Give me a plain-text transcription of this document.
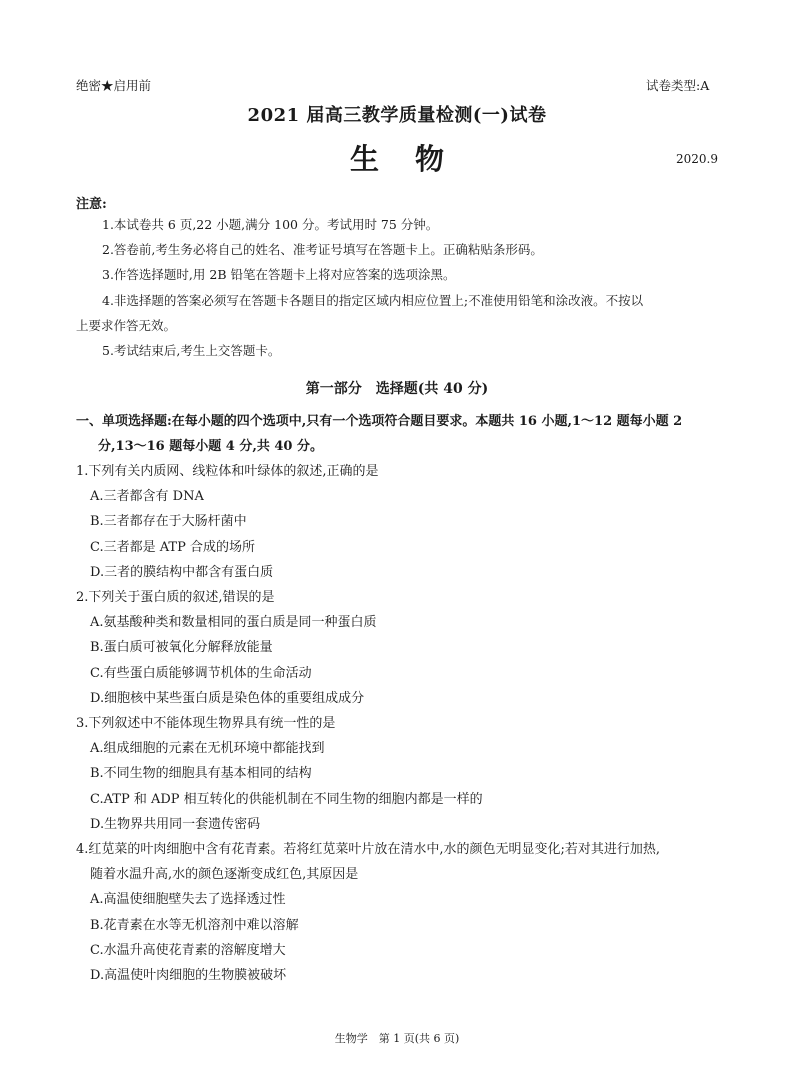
绝密★启用前	试卷类型:A
2021 届高三教学质量检测(一)试卷
生物	2020.9
注意:
1.本试卷共 6 页,22 小题,满分 100 分。考试用时 75 分钟。
2.答卷前,考生务必将自己的姓名、准考证号填写在答题卡上。正确粘贴条形码。
3.作答选择题时,用 2B 铅笔在答题卡上将对应答案的选项涂黑。
4.非选择题的答案必须写在答题卡各题目的指定区域内相应位置上;不准使用铅笔和涂改液。不按以
上要求作答无效。
5.考试结束后,考生上交答题卡。
第一部分　选择题(共 40 分)
一、单项选择题:在每小题的四个选项中,只有一个选项符合题目要求。本题共 16 小题,1～12 题每小题 2
分,13～16 题每小题 4 分,共 40 分。
1.下列有关内质网、线粒体和叶绿体的叙述,正确的是
A.三者都含有 DNA
B.三者都存在于大肠杆菌中
C.三者都是 ATP 合成的场所
D.三者的膜结构中都含有蛋白质
2.下列关于蛋白质的叙述,错误的是
A.氨基酸种类和数量相同的蛋白质是同一种蛋白质
B.蛋白质可被氧化分解释放能量
C.有些蛋白质能够调节机体的生命活动
D.细胞核中某些蛋白质是染色体的重要组成成分
3.下列叙述中不能体现生物界具有统一性的是
A.组成细胞的元素在无机环境中都能找到
B.不同生物的细胞具有基本相同的结构
C.ATP 和 ADP 相互转化的供能机制在不同生物的细胞内都是一样的
D.生物界共用同一套遗传密码
4.红苋菜的叶肉细胞中含有花青素。若将红苋菜叶片放在清水中,水的颜色无明显变化;若对其进行加热,
随着水温升高,水的颜色逐渐变成红色,其原因是
A.高温使细胞壁失去了选择透过性
B.花青素在水等无机溶剂中难以溶解
C.水温升高使花青素的溶解度增大
D.高温使叶肉细胞的生物膜被破坏
生物学　第 1 页(共 6 页)
